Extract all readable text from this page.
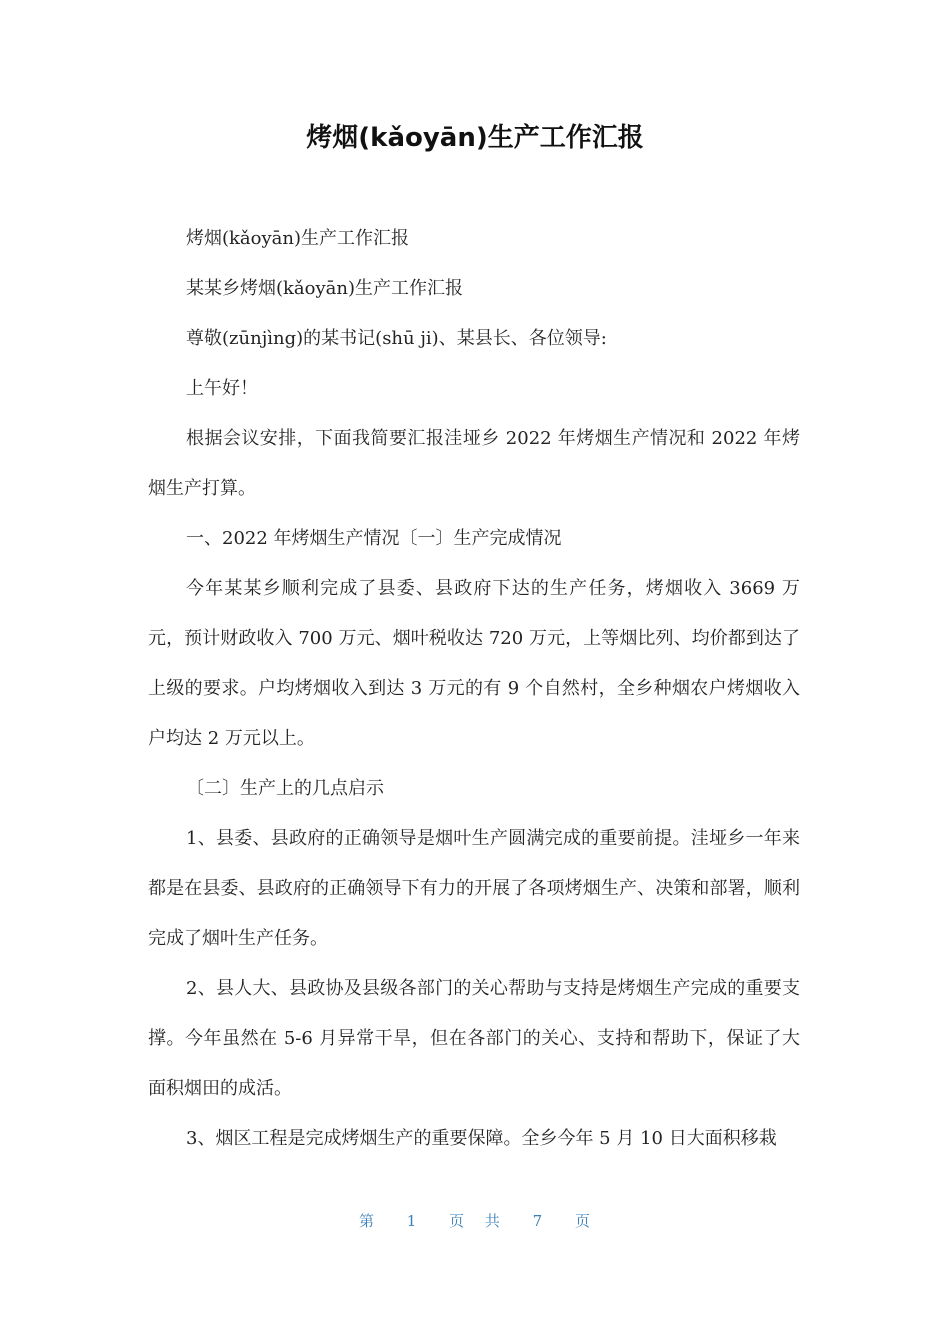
烤烟(kǎoyān)生产工作汇报

烤烟(kǎoyān)生产工作汇报

某某乡烤烟(kǎoyān)生产工作汇报

尊敬(zūnjìng)的某书记(shū ji)、某县长、各位领导:

上午好！

根据会议安排，下面我简要汇报洼垭乡 2022 年烤烟生产情况和 2022 年烤烟生产打算。

一、2022 年烤烟生产情况〔一〕生产完成情况

今年某某乡顺利完成了县委、县政府下达的生产任务，烤烟收入 3669 万元，预计财政收入 700 万元、烟叶税收达 720 万元，上等烟比列、均价都到达了上级的要求。户均烤烟收入到达 3 万元的有 9 个自然村，全乡种烟农户烤烟收入户均达 2 万元以上。

〔二〕生产上的几点启示

1、县委、县政府的正确领导是烟叶生产圆满完成的重要前提。洼垭乡一年来都是在县委、县政府的正确领导下有力的开展了各项烤烟生产、决策和部署，顺利完成了烟叶生产任务。

2、县人大、县政协及县级各部门的关心帮助与支持是烤烟生产完成的重要支撑。今年虽然在 5-6 月异常干旱，但在各部门的关心、支持和帮助下，保证了大面积烟田的成活。

3、烟区工程是完成烤烟生产的重要保障。全乡今年 5 月 10 日大面积移栽

第 1 页 共 7 页
